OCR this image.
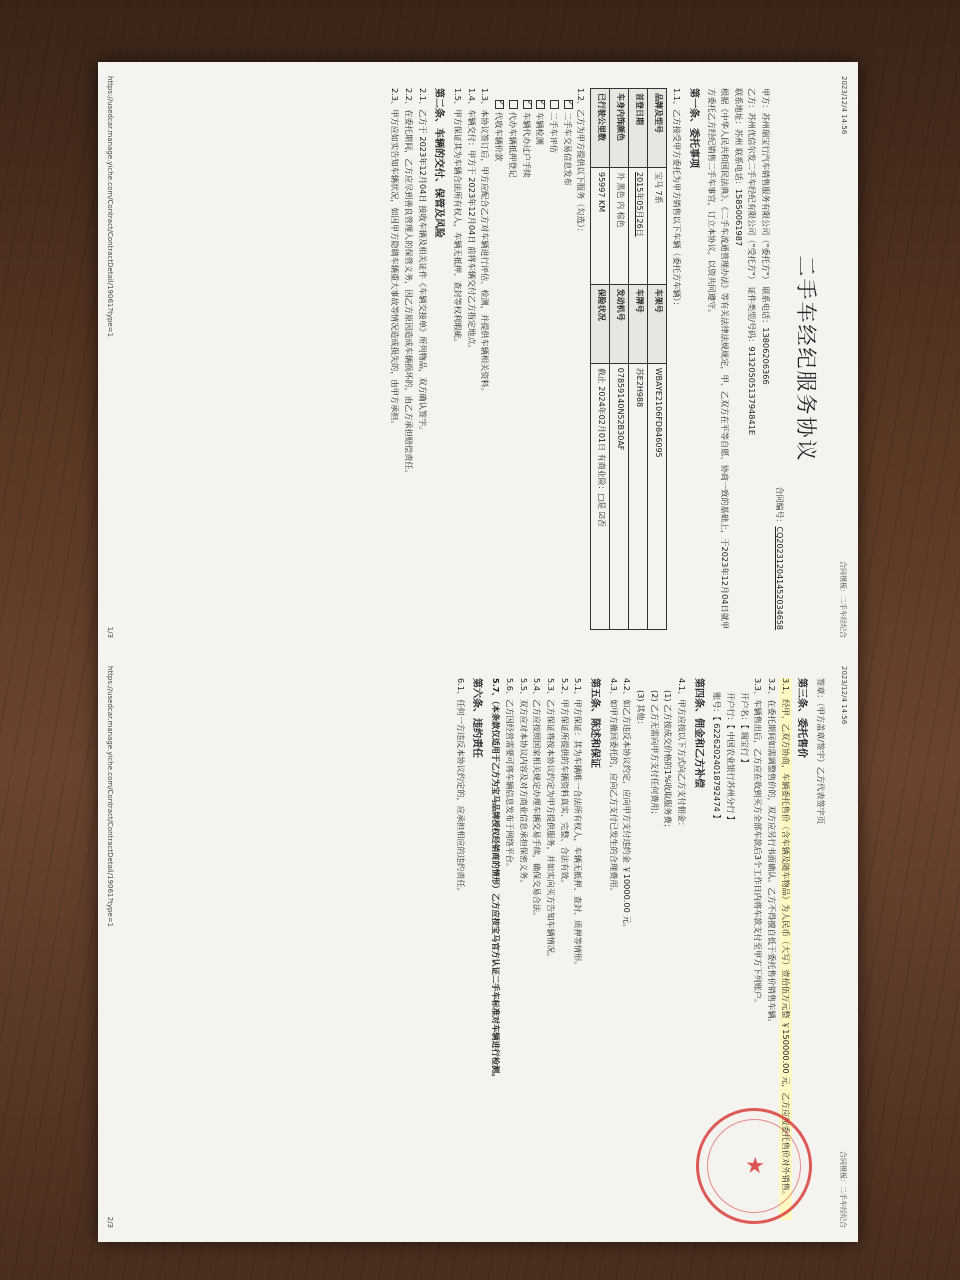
2023/12/4 14:56
合同模板：二手车经纪合
二手车经纪服务协议
合同编号：CQ202312041452034658
甲方：苏州瑞宝行汽车销售服务有限公司（"委托方"） 联系电话：13806206366
乙方：苏州优信尔发二手车经纪有限公司（"受托方"） 证件类型/号码：9132050513794841E
联系地址：苏州 联系电话：15850061987
根据《中华人民共和国民法典》、《二手车流通管理办法》等有关法律法规规定，甲、乙双方在平等自愿、协商一致的基础上，于2023年12月04日就甲方委托乙方经纪销售二手车事宜，订立本协议，以资共同遵守。
第一条、委托事项
1.1、乙方接受甲方委托为甲方销售以下车辆（委托方车辆）：
品牌及型号	宝马 7系	车架号	WBAYE2106FD846095
首登日期	2015年05月26日	车牌号	苏E2H988
车身内饰颜色	外 黑色 内 棕色	发动机号	07859140N52B30AF
已行驶公里数	95997 KM	保险状况	截止 2024年02月01日 有商业险：□是 ☑否
1.2、乙方为甲方提供以下服务（勾选）：
✓二手车交易信息发布
二手车评估
✓车辆检测
✓车辆代办过户手续
代办车辆抵押登记
✓代收车辆价款
1.3、本协议签订后，甲方应配合乙方对车辆进行评估、检测，并提供车辆相关资料。
1.4、车辆交付：甲方于 2023年12月04日 前将车辆交付乙方指定地点。
1.5、甲方保证其为车辆合法所有权人，车辆无抵押、查封等权利瑕疵。
第二条、车辆的交付、保管及风险
2.1、乙方于 2023年12月04日 接收车辆及相关证件《车辆交接单》所列物品，双方确认签字。
2.2、在委托期间，乙方应尽到善良管理人的保管义务，因乙方原因造成车辆损坏的，由乙方承担赔偿责任。
2.3、甲方应如实告知车辆状况，如因甲方隐瞒车辆重大事故等情况造成损失的，由甲方承担。
https://usedcar.manage.yiche.com/Contract/ContractDetail/19061?type=1
1/3
2023/12/4 14:56
合同模板：二手车经纪合
签章：（甲方盖章/签字）乙方代表签字页
第三条、委托售价
3.1、经甲、乙双方协商，车辆委托售价（含车辆及随车物品）为人民币（大写）壹拾伍万元整 ￥150000.00 元，乙方应按委托售价对外销售。
3.2、在委托期间如需调整售价的，双方应另行书面确认。乙方不得擅自低于委托售价销售车辆。
3.3、车辆售出后，乙方应在收到买方全部车款后3个工作日内将车款支付至甲方下列账户。
开户名：【 瑞宝行 】
开户行：【 中国农业银行苏州分行 】
账号：【 62262024018792474 】
第四条、佣金和乙方补偿
4.1、甲方应按以下方式向乙方支付佣金：
(1) 乙方按成交价格的1%收取服务费；
(2) 乙方无需向甲方支付任何费用；
(3) 其他：
4.2、如乙方违反本协议约定，应向甲方支付违约金 ￥10000.00 元。
4.3、如甲方撤回委托的，应向乙方支付已发生的合理费用。
第五条、陈述和保证
5.1、甲方保证：其为车辆唯一合法所有权人，车辆无抵押、查封、质押等情形。
5.2、甲方保证所提供的车辆资料真实、完整、合法有效。
5.3、乙方保证将按本协议约定为甲方提供服务，并如实向买方告知车辆情况。
5.4、乙方应按照国家相关规定办理车辆交易手续，确保交易合法。
5.5、双方应对本协议内容及对方商业信息承担保密义务。
5.6、乙方因经营需要可将车辆信息发布于网络平台。
5.7、（本条款仅适用于乙方为宝马品牌授权经销商的情形）乙方应按宝马官方认证二手车标准对车辆进行检测。
第六条、违约责任
6.1、任何一方违反本协议约定的，应承担相应的违约责任。
★
https://usedcar.manage.yiche.com/Contract/ContractDetail/19061?type=1
2/3
